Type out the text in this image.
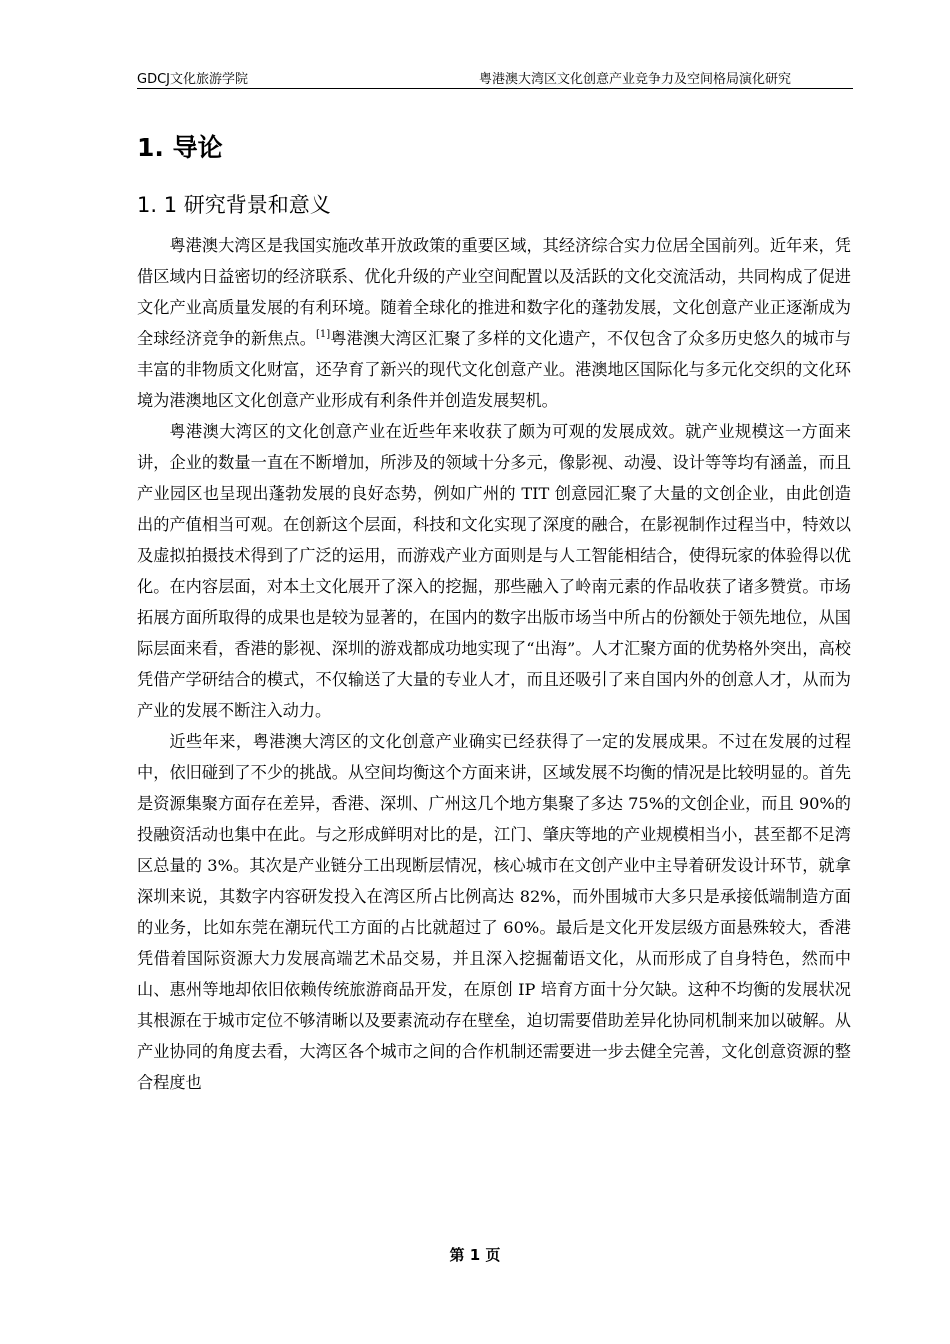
GDCJ文化旅游学院	粤港澳大湾区文化创意产业竞争力及空间格局演化研究
1. 导论
1. 1 研究背景和意义

粤港澳大湾区是我国实施改革开放政策的重要区域，其经济综合实力位居全国前列。近年来，凭借区域内日益密切的经济联系、优化升级的产业空间配置以及活跃的文化交流活动，共同构成了促进文化产业高质量发展的有利环境。随着全球化的推进和数字化的蓬勃发展，文化创意产业正逐渐成为全球经济竞争的新焦点。[1]粤港澳大湾区汇聚了多样的文化遗产，不仅包含了众多历史悠久的城市与丰富的非物质文化财富，还孕育了新兴的现代文化创意产业。港澳地区国际化与多元化交织的文化环境为港澳地区文化创意产业形成有利条件并创造发展契机。

粤港澳大湾区的文化创意产业在近些年来收获了颇为可观的发展成效。就产业规模这一方面来讲，企业的数量一直在不断增加，所涉及的领域十分多元，像影视、动漫、设计等等均有涵盖，而且产业园区也呈现出蓬勃发展的良好态势，例如广州的 TIT 创意园汇聚了大量的文创企业，由此创造出的产值相当可观。在创新这个层面，科技和文化实现了深度的融合，在影视制作过程当中，特效以及虚拟拍摄技术得到了广泛的运用，而游戏产业方面则是与人工智能相结合，使得玩家的体验得以优化。在内容层面，对本土文化展开了深入的挖掘，那些融入了岭南元素的作品收获了诸多赞赏。市场拓展方面所取得的成果也是较为显著的，在国内的数字出版市场当中所占的份额处于领先地位，从国际层面来看，香港的影视、深圳的游戏都成功地实现了“出海”。人才汇聚方面的优势格外突出，高校凭借产学研结合的模式，不仅输送了大量的专业人才，而且还吸引了来自国内外的创意人才，从而为产业的发展不断注入动力。

近些年来，粤港澳大湾区的文化创意产业确实已经获得了一定的发展成果。不过在发展的过程中，依旧碰到了不少的挑战。从空间均衡这个方面来讲，区域发展不均衡的情况是比较明显的。首先是资源集聚方面存在差异，香港、深圳、广州这几个地方集聚了多达 75%的文创企业，而且 90%的投融资活动也集中在此。与之形成鲜明对比的是，江门、肇庆等地的产业规模相当小，甚至都不足湾区总量的 3%。其次是产业链分工出现断层情况，核心城市在文创产业中主导着研发设计环节，就拿深圳来说，其数字内容研发投入在湾区所占比例高达 82%，而外围城市大多只是承接低端制造方面的业务，比如东莞在潮玩代工方面的占比就超过了 60%。最后是文化开发层级方面悬殊较大，香港凭借着国际资源大力发展高端艺术品交易，并且深入挖掘葡语文化，从而形成了自身特色，然而中山、惠州等地却依旧依赖传统旅游商品开发，在原创 IP 培育方面十分欠缺。这种不均衡的发展状况其根源在于城市定位不够清晰以及要素流动存在壁垒，迫切需要借助差异化协同机制来加以破解。从产业协同的角度去看，大湾区各个城市之间的合作机制还需要进一步去健全完善，文化创意资源的整合程度也

第 1 页
